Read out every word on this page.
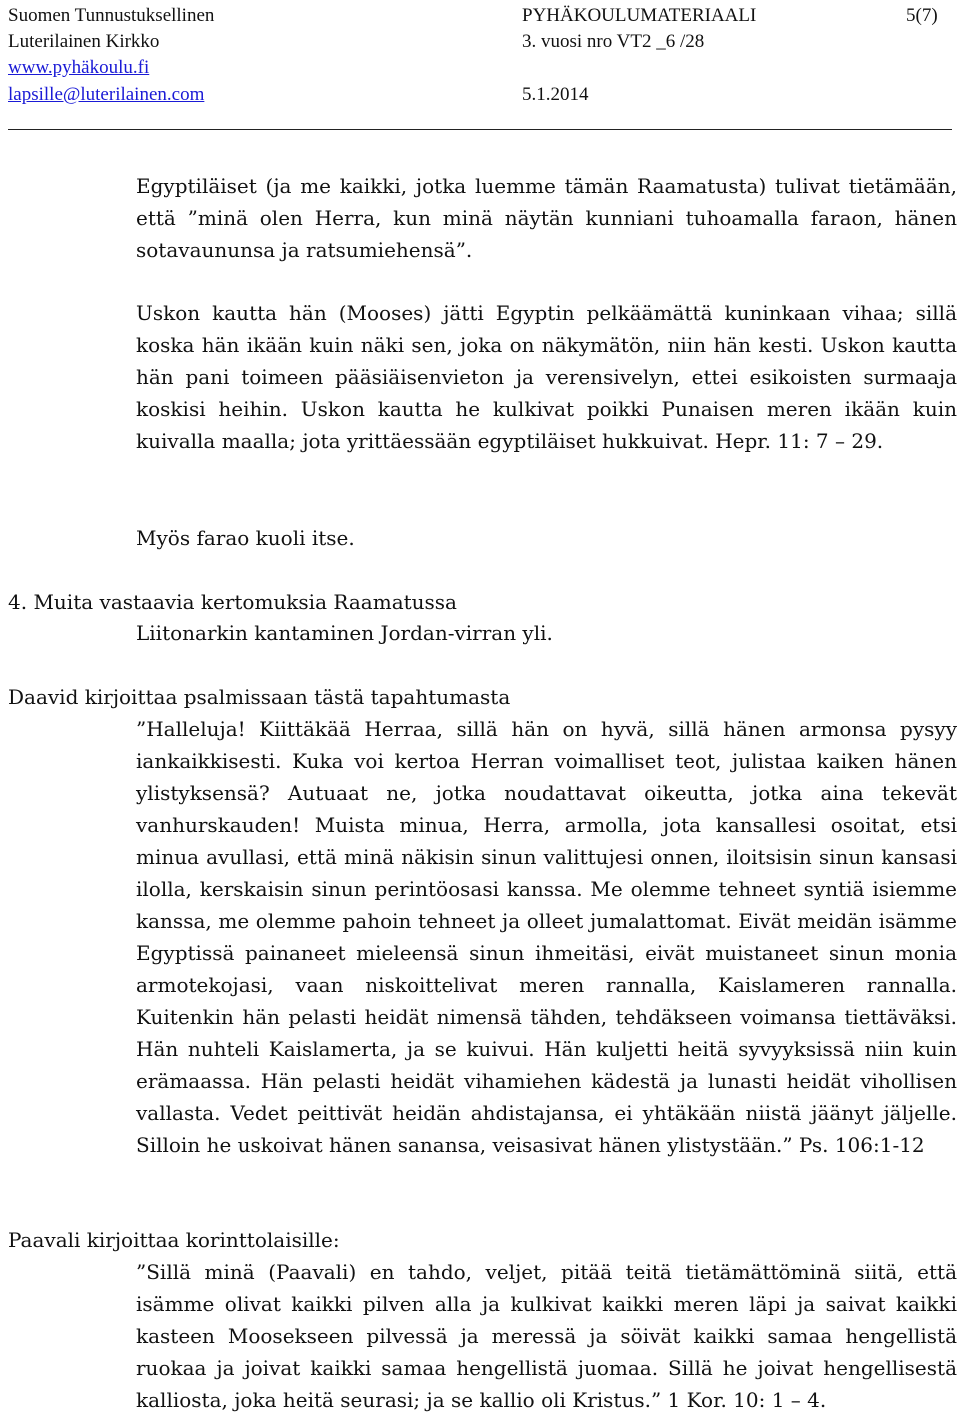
Suomen Tunnustuksellinen
Luterilainen Kirkko
www.pyhäkoulu.fi
lapsille@luterilainen.com
PYHÄKOULUMATERIAALI	5(7)
3. vuosi nro VT2 _6 /28
5.1.2014
Egyptiläiset (ja me kaikki, jotka luemme tämän Raamatusta) tulivat tietämään, että ”minä olen Herra, kun minä näytän kunniani tuhoamalla faraon, hänen sotavaununsa ja ratsumiehensä”.
Uskon kautta hän (Mooses) jätti Egyptin pelkäämättä kuninkaan vihaa; sillä koska hän ikään kuin näki sen, joka on näkymätön, niin hän kesti. Uskon kautta hän pani toimeen pääsiäisenvieton ja verensivelyn, ettei esikoisten surmaaja koskisi heihin. Uskon kautta he kulkivat poikki Punaisen meren ikään kuin kuivalla maalla; jota yrittäessään egyptiläiset hukkuivat. Hepr. 11: 7 – 29.
Myös farao kuoli itse.
4. Muita vastaavia kertomuksia Raamatussa
Liitonarkin kantaminen Jordan-virran yli.
Daavid kirjoittaa psalmissaan tästä tapahtumasta
”Halleluja! Kiittäkää Herraa, sillä hän on hyvä, sillä hänen armonsa pysyy iankaikkisesti. Kuka voi kertoa Herran voimalliset teot, julistaa kaiken hänen ylistyksensä? Autuaat ne, jotka noudattavat oikeutta, jotka aina tekevät vanhurskauden! Muista minua, Herra, armolla, jota kansallesi osoitat, etsi minua avullasi, että minä näkisin sinun valittujesi onnen, iloitsisin sinun kansasi ilolla, kerskaisin sinun perintöosasi kanssa. Me olemme tehneet syntiä isiemme kanssa, me olemme pahoin tehneet ja olleet jumalattomat. Eivät meidän isämme Egyptissä painaneet mieleensä sinun ihmeitäsi, eivät muistaneet sinun monia armotekojasi, vaan niskoittelivat meren rannalla, Kaislameren rannalla. Kuitenkin hän pelasti heidät nimensä tähden, tehdäkseen voimansa tiettäväksi. Hän nuhteli Kaislamerta, ja se kuivui. Hän kuljetti heitä syvyyksissä niin kuin erämaassa. Hän pelasti heidät vihamiehen kädestä ja lunasti heidät vihollisen vallasta. Vedet peittivät heidän ahdistajansa, ei yhtäkään niistä jäänyt jäljelle. Silloin he uskoivat hänen sanansa, veisasivat hänen ylistystään.” Ps. 106:1-12
Paavali kirjoittaa korinttolaisille:
”Sillä minä (Paavali) en tahdo, veljet, pitää teitä tietämättöminä siitä, että isämme olivat kaikki pilven alla ja kulkivat kaikki meren läpi ja saivat kaikki kasteen Moosekseen pilvessä ja meressä ja söivät kaikki samaa hengellistä ruokaa ja joivat kaikki samaa hengellistä juomaa. Sillä he joivat hengellisestä kalliosta, joka heitä seurasi; ja se kallio oli Kristus.” 1 Kor. 10: 1 – 4.
